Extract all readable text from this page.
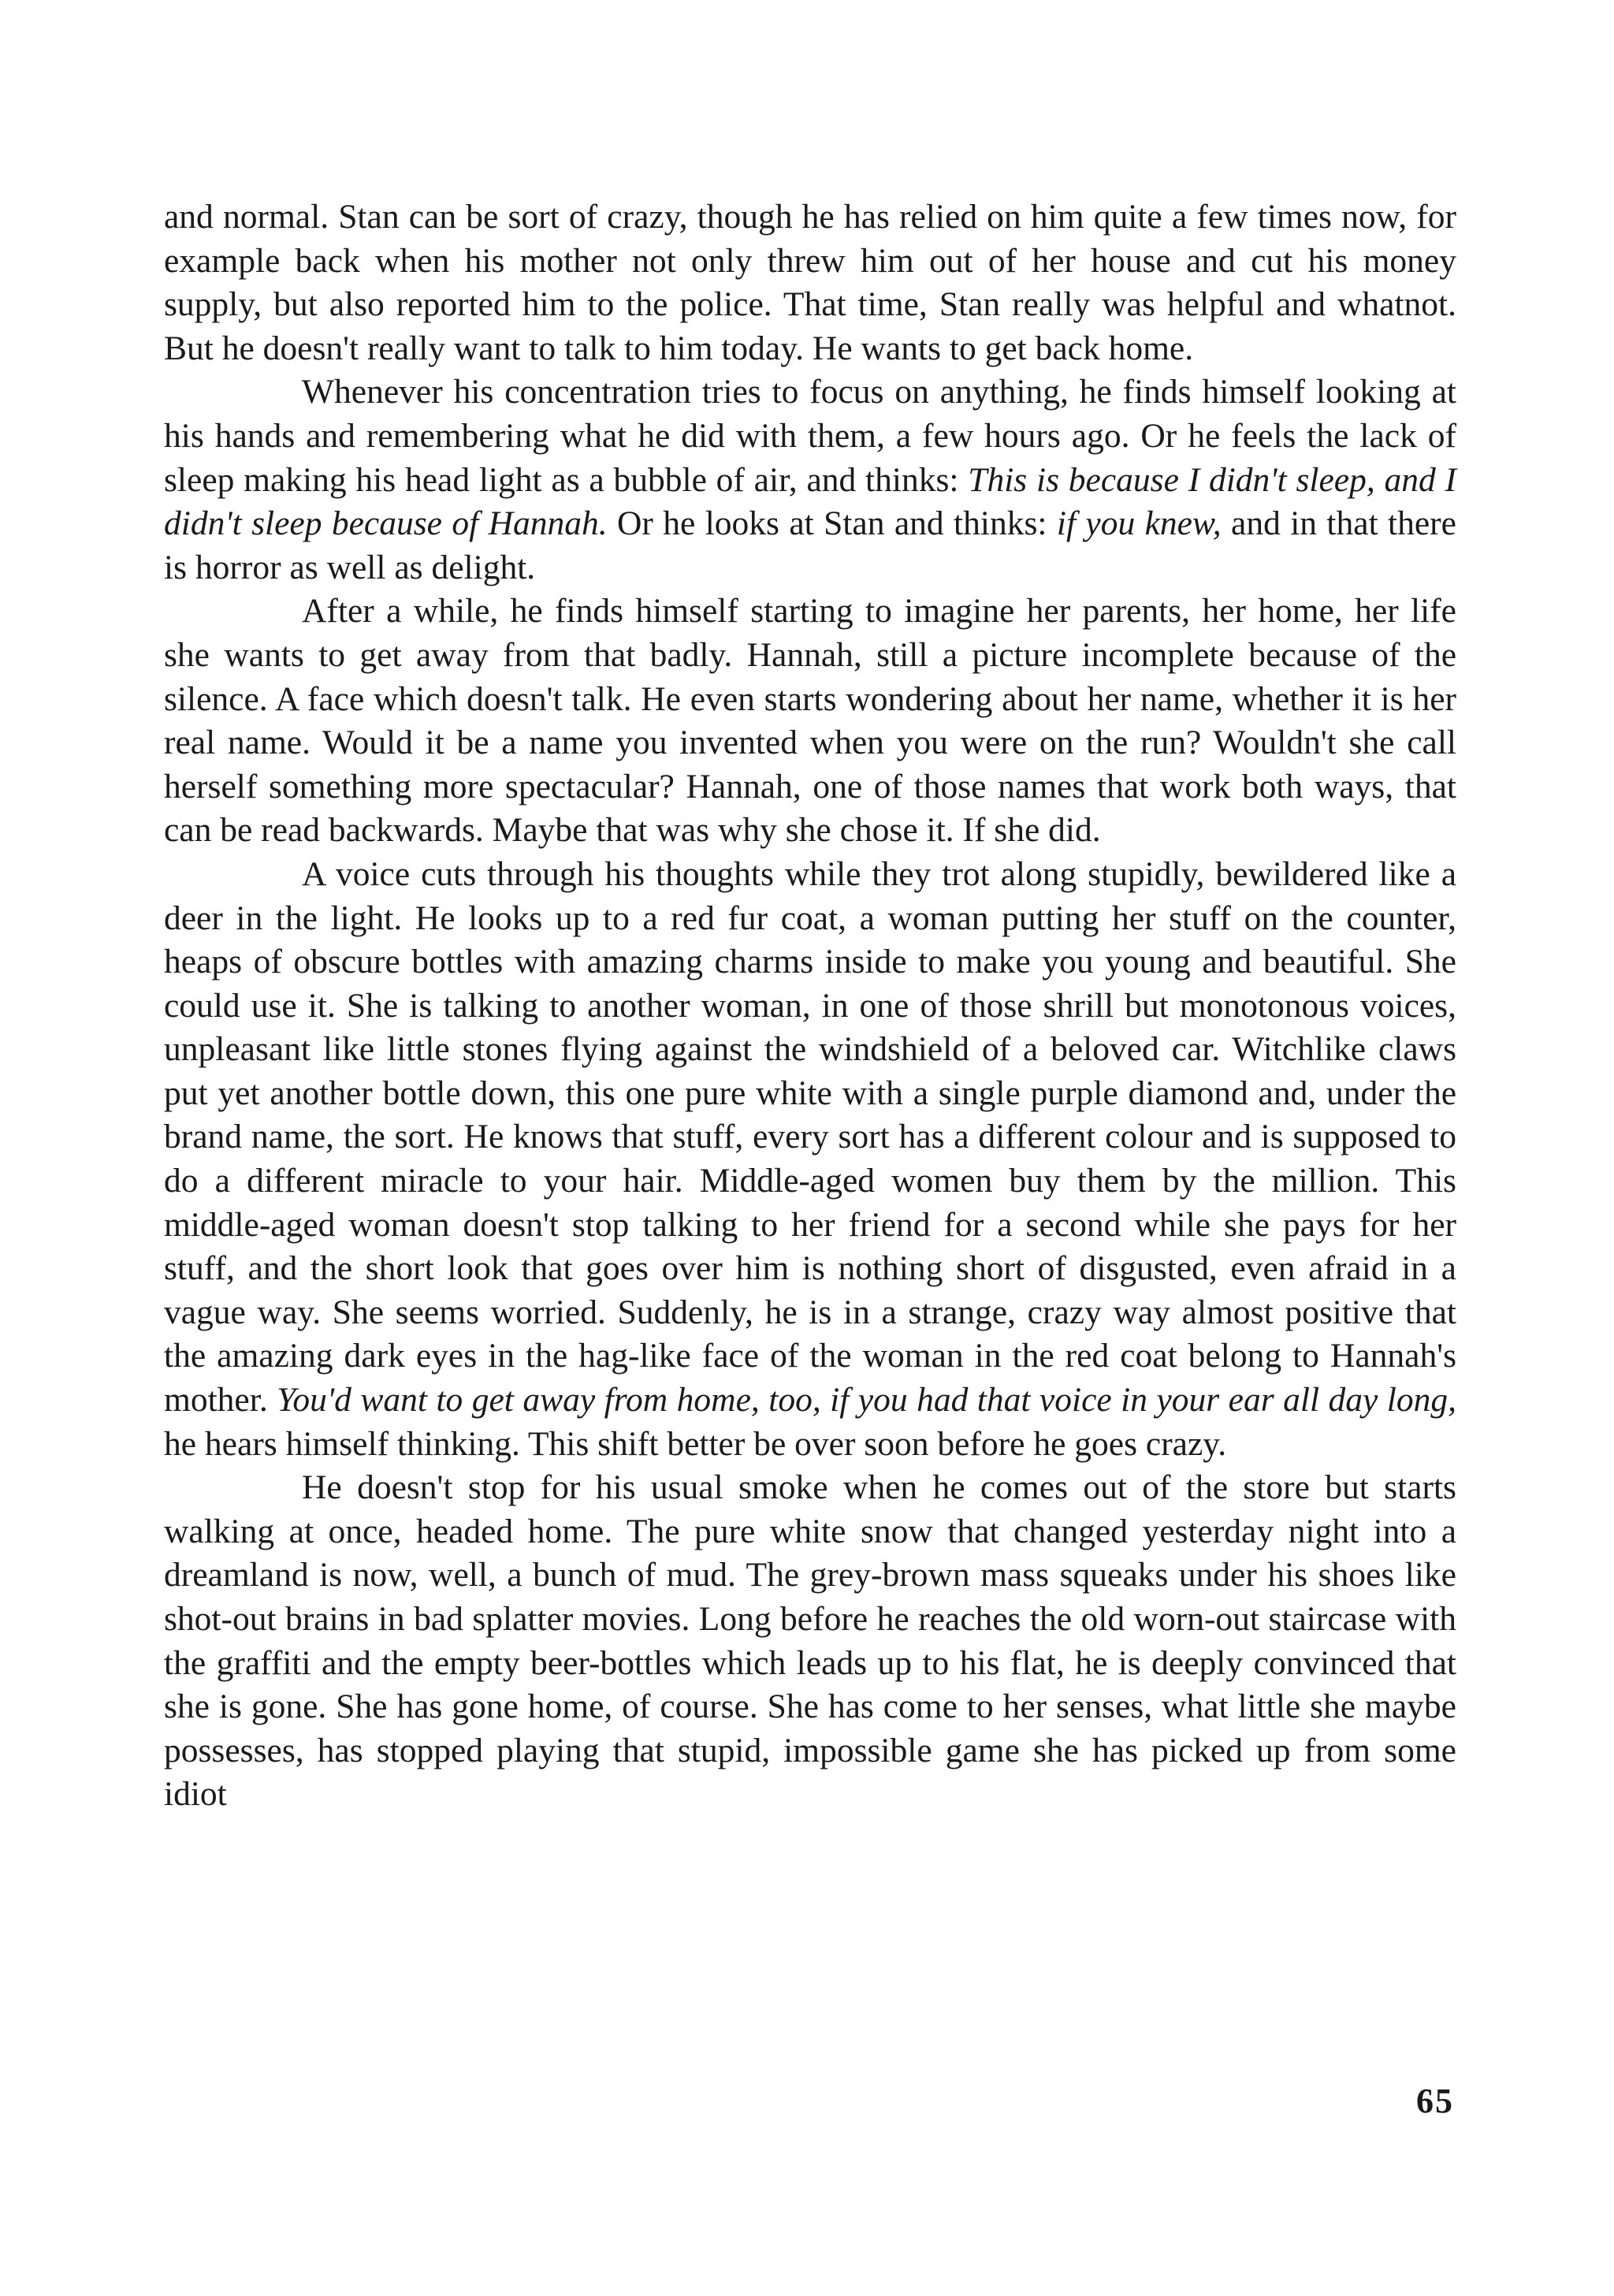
and normal. Stan can be sort of crazy, though he has relied on him quite a few times now, for example back when his mother not only threw him out of her house and cut his money supply, but also reported him to the police. That time, Stan really was helpful and whatnot. But he doesn't really want to talk to him today. He wants to get back home.

Whenever his concentration tries to focus on anything, he finds himself looking at his hands and remembering what he did with them, a few hours ago. Or he feels the lack of sleep making his head light as a bubble of air, and thinks: This is because I didn't sleep, and I didn't sleep because of Hannah. Or he looks at Stan and thinks: if you knew, and in that there is horror as well as delight.

After a while, he finds himself starting to imagine her parents, her home, her life she wants to get away from that badly. Hannah, still a picture incomplete because of the silence. A face which doesn't talk. He even starts wondering about her name, whether it is her real name. Would it be a name you invented when you were on the run? Wouldn't she call herself something more spectacular? Hannah, one of those names that work both ways, that can be read backwards. Maybe that was why she chose it. If she did.

A voice cuts through his thoughts while they trot along stupidly, bewildered like a deer in the light. He looks up to a red fur coat, a woman putting her stuff on the counter, heaps of obscure bottles with amazing charms inside to make you young and beautiful. She could use it. She is talking to another woman, in one of those shrill but monotonous voices, unpleasant like little stones flying against the windshield of a beloved car. Witchlike claws put yet another bottle down, this one pure white with a single purple diamond and, under the brand name, the sort. He knows that stuff, every sort has a different colour and is supposed to do a different miracle to your hair. Middle-aged women buy them by the million. This middle-aged woman doesn't stop talking to her friend for a second while she pays for her stuff, and the short look that goes over him is nothing short of disgusted, even afraid in a vague way. She seems worried. Suddenly, he is in a strange, crazy way almost positive that the amazing dark eyes in the hag-like face of the woman in the red coat belong to Hannah's mother. You'd want to get away from home, too, if you had that voice in your ear all day long, he hears himself thinking. This shift better be over soon before he goes crazy.

He doesn't stop for his usual smoke when he comes out of the store but starts walking at once, headed home. The pure white snow that changed yesterday night into a dreamland is now, well, a bunch of mud. The grey-brown mass squeaks under his shoes like shot-out brains in bad splatter movies. Long before he reaches the old worn-out staircase with the graffiti and the empty beer-bottles which leads up to his flat, he is deeply convinced that she is gone. She has gone home, of course. She has come to her senses, what little she maybe possesses, has stopped playing that stupid, impossible game she has picked up from some idiot

65
